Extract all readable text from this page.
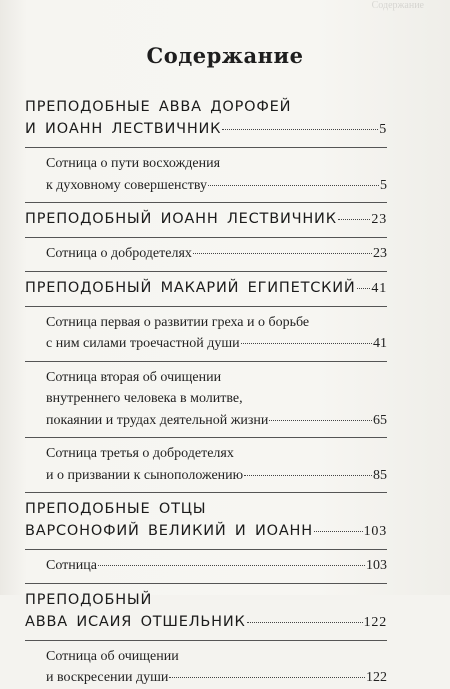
Содержание
Содержание
ПРЕПОДОБНЫЕ АВВА ДОРОФЕЙ
И ИОАНН ЛЕСТВИЧНИК	5
Сотница о пути восхождения
к духовному совершенству	5
ПРЕПОДОБНЫЙ ИОАНН ЛЕСТВИЧНИК 23
Сотница о добродетелях	23
ПРЕПОДОБНЫЙ МАКАРИЙ ЕГИПЕТСКИЙ 41
Сотница первая о развитии греха и о борьбе
с ним силами троечастной души	41
Сотница вторая об очищении
внутреннего человека в молитве,
покаянии и трудах деятельной жизни	65
Сотница третья о добродетелях
и о призвании к сыноположению	85
ПРЕПОДОБНЫЕ ОТЦЫ
ВАРСОНОФИЙ ВЕЛИКИЙ И ИОАНН	103
Сотница	103
ПРЕПОДОБНЫЙ
АВВА ИСАИЯ ОТШЕЛЬНИК	122
Сотница об очищении
и воскресении души	122
